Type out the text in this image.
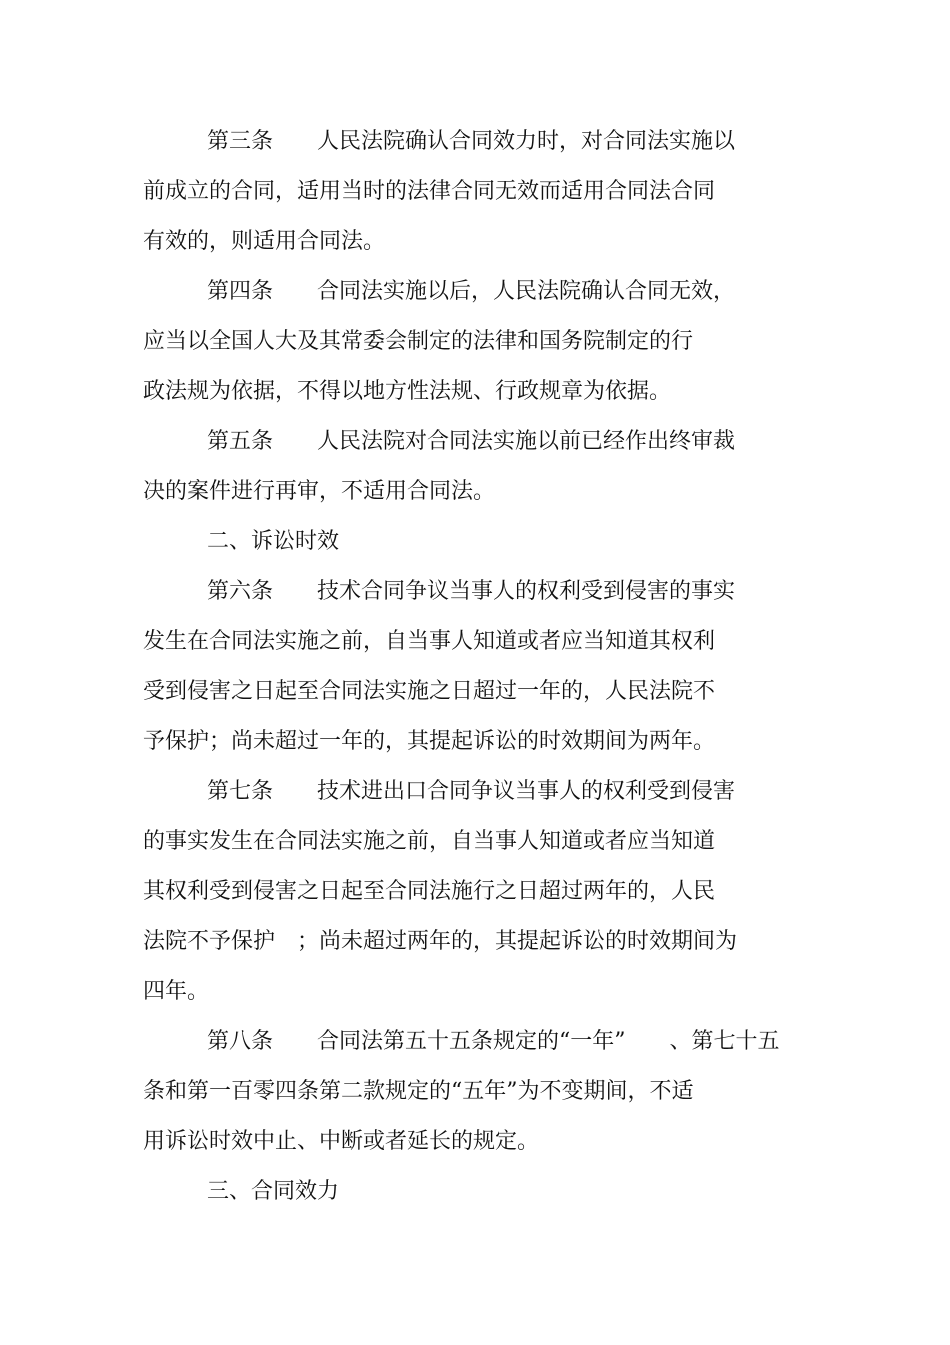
第三条　　人民法院确认合同效力时，对合同法实施以
前成立的合同，适用当时的法律合同无效而适用合同法合同
有效的，则适用合同法。
第四条　　合同法实施以后，人民法院确认合同无效，
应当以全国人大及其常委会制定的法律和国务院制定的行
政法规为依据，不得以地方性法规、行政规章为依据。
第五条　　人民法院对合同法实施以前已经作出终审裁
决的案件进行再审，不适用合同法。
二、诉讼时效
第六条　　技术合同争议当事人的权利受到侵害的事实
发生在合同法实施之前，自当事人知道或者应当知道其权利
受到侵害之日起至合同法实施之日超过一年的，人民法院不
予保护；尚未超过一年的，其提起诉讼的时效期间为两年。
第七条　　技术进出口合同争议当事人的权利受到侵害
的事实发生在合同法实施之前，自当事人知道或者应当知道
其权利受到侵害之日起至合同法施行之日超过两年的，人民
法院不予保护　；尚未超过两年的，其提起诉讼的时效期间为
四年。
第八条　　合同法第五十五条规定的“一年”　　、第七十五
条和第一百零四条第二款规定的“五年”为不变期间，不适
用诉讼时效中止、中断或者延长的规定。
三、合同效力
